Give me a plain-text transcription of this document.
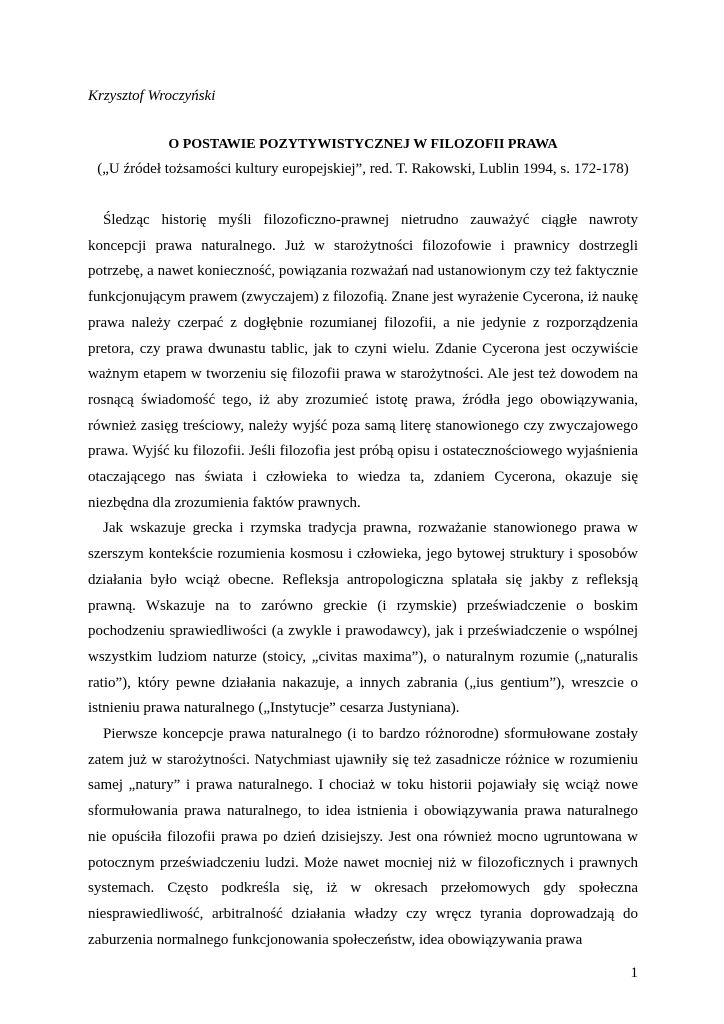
Krzysztof Wroczyński
O POSTAWIE POZYTYWISTYCZNEJ W FILOZOFII PRAWA
(„U źródeł tożsamości kultury europejskiej”, red. T. Rakowski, Lublin 1994, s. 172-178)

Śledząc historię myśli filozoficzno-prawnej nietrudno zauważyć ciągłe nawroty koncepcji prawa naturalnego. Już w starożytności filozofowie i prawnicy dostrzegli potrzebę, a nawet konieczność, powiązania rozważań nad ustanowionym czy też faktycznie funkcjonującym prawem (zwyczajem) z filozofią. Znane jest wyrażenie Cycerona, iż naukę prawa należy czerpać z dogłębnie rozumianej filozofii, a nie jedynie z rozporządzenia pretora, czy prawa dwunastu tablic, jak to czyni wielu. Zdanie Cycerona jest oczywiście ważnym etapem w tworzeniu się filozofii prawa w starożytności. Ale jest też dowodem na rosnącą świadomość tego, iż aby zrozumieć istotę prawa, źródła jego obowiązywania, również zasięg treściowy, należy wyjść poza samą literę stanowionego czy zwyczajowego prawa. Wyjść ku filozofii. Jeśli filozofia jest próbą opisu i ostatecznościowego wyjaśnienia otaczającego nas świata i człowieka to wiedza ta, zdaniem Cycerona, okazuje się niezbędna dla zrozumienia faktów prawnych.

Jak wskazuje grecka i rzymska tradycja prawna, rozważanie stanowionego prawa w szerszym kontekście rozumienia kosmosu i człowieka, jego bytowej struktury i sposobów działania było wciąż obecne. Refleksja antropologiczna splatała się jakby z refleksją prawną. Wskazuje na to zarówno greckie (i rzymskie) przeświadczenie o boskim pochodzeniu sprawiedliwości (a zwykle i prawodawcy), jak i przeświadczenie o wspólnej wszystkim ludziom naturze (stoicy, „civitas maxima”), o naturalnym rozumie („naturalis ratio”), który pewne działania nakazuje, a innych zabrania („ius gentium”), wreszcie o istnieniu prawa naturalnego („Instytucje” cesarza Justyniana).

Pierwsze koncepcje prawa naturalnego (i to bardzo różnorodne) sformułowane zostały zatem już w starożytności. Natychmiast ujawniły się też zasadnicze różnice w rozumieniu samej „natury” i prawa naturalnego. I chociaż w toku historii pojawiały się wciąż nowe sformułowania prawa naturalnego, to idea istnienia i obowiązywania prawa naturalnego nie opuściła filozofii prawa po dzień dzisiejszy. Jest ona również mocno ugruntowana w potocznym przeświadczeniu ludzi. Może nawet mocniej niż w filozoficznych i prawnych systemach. Często podkreśla się, iż w okresach przełomowych gdy społeczna niesprawiedliwość, arbitralność działania władzy czy wręcz tyrania doprowadzają do zaburzenia normalnego funkcjonowania społeczeństw, idea obowiązywania prawa

1
